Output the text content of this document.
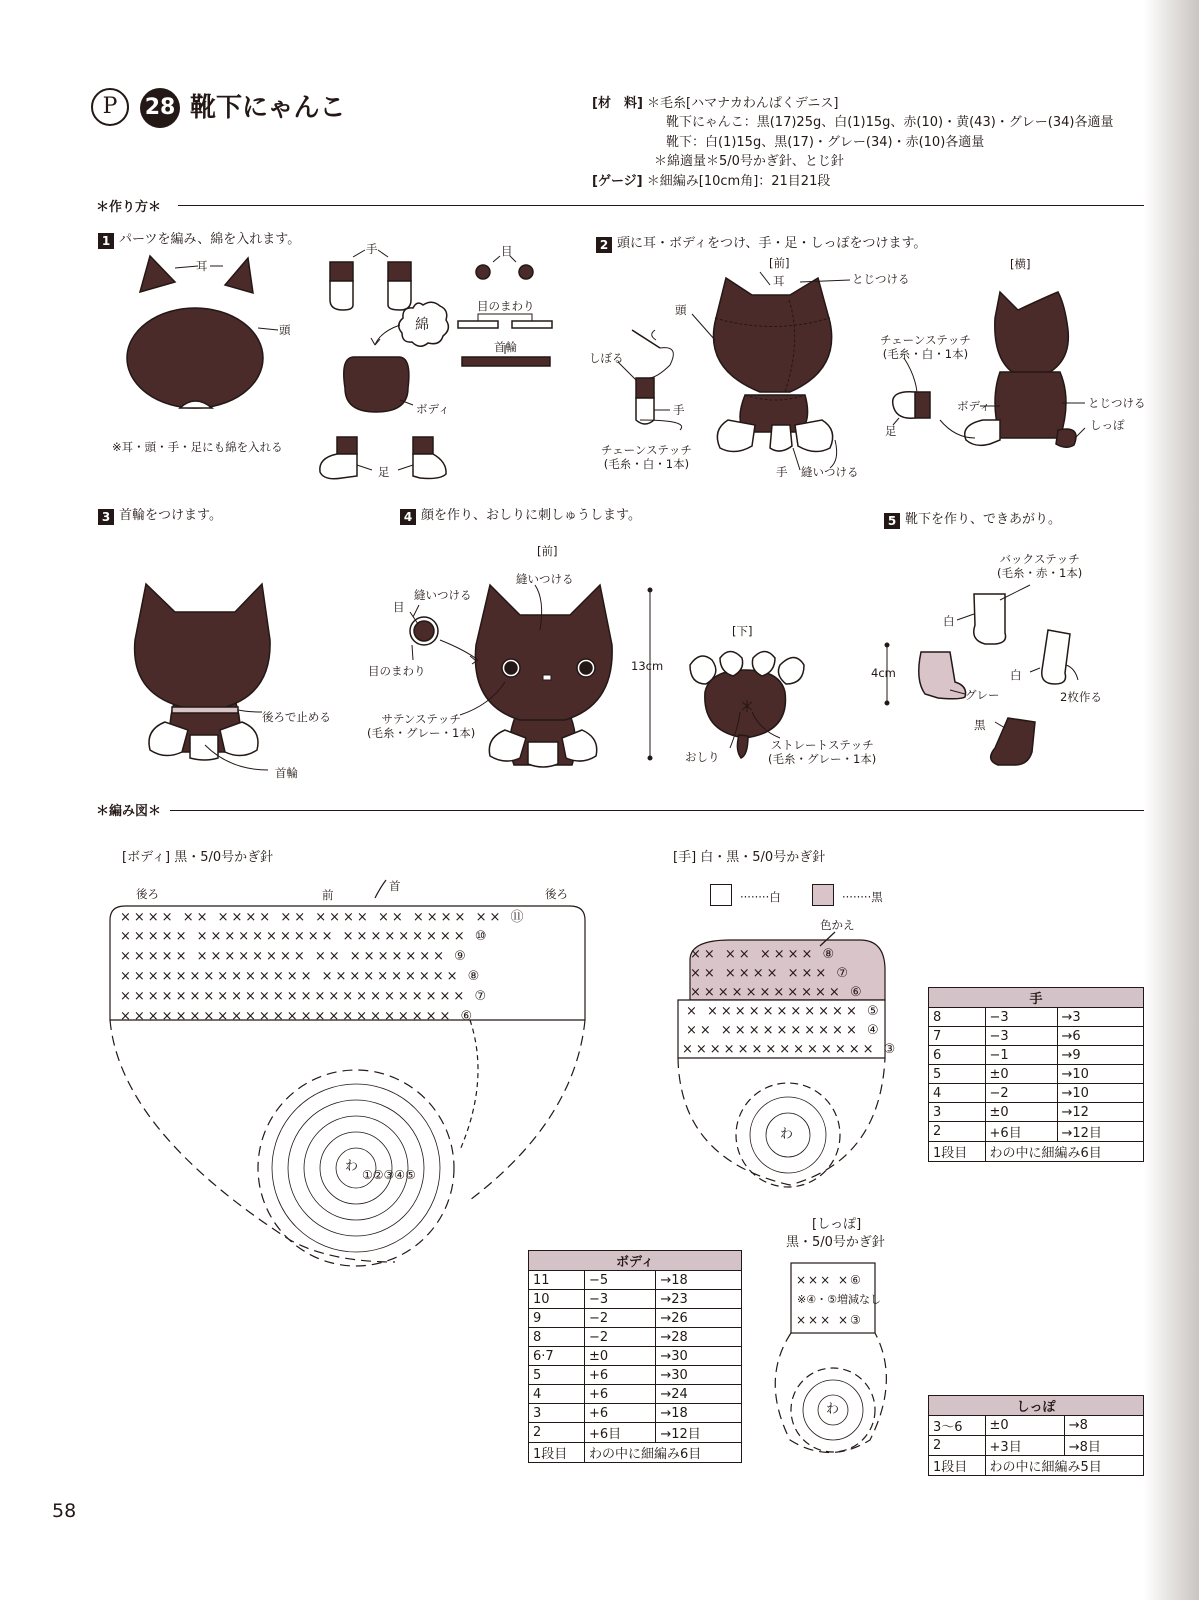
P	28 靴下にゃんこ	[材　料] ＊毛糸[ハマナカわんぱくデニス]
靴下にゃんこ：黒(17)25g、白(1)15g、赤(10)・黄(43)・グレー(34)各適量
靴下：白(1)15g、黒(17)・グレー(34)・赤(10)各適量
＊綿適量＊5/0号かぎ針、とじ針
[ゲージ] ＊細編み[10cm角]：21目21段
＊作り方＊
1 パーツを編み、綿を入れます。	2 頭に耳・ボディをつけ、手・足・しっぽをつけます。
3 首輪をつけます。	4 顔を作り、おしりに刺しゅうします。	5 靴下を作り、できあがり。
耳
頭
手	目
目のまわり
綿
首輪
ボディ
足
※耳・頭・手・足にも綿を入れる
[前]	[横]
耳	とじつける
頭
しぼる
手
チェーンステッチ
(毛糸・白・1本)
手 縫いつける
チェーンステッチ
(毛糸・白・1本)
ボディ	とじつける
足	しっぽ
後ろで止める
首輪
[前]
縫いつける
目
縫いつける
目のまわり
サテンステッチ
(毛糸・グレー・1本)
13cm
[下]
おしり
ストレートステッチ
(毛糸・グレー・1本)
バックステッチ
(毛糸・赤・1本)
白
4cm
グレー
白
2枚作る
黒
＊編み図＊
[ボディ] 黒・5/0号かぎ針
後ろ	前
首
後ろ
×××× ×× ×××× ×× ×××× ×× ×××× ×× ⑪
××××× ×××××××××× ××××××××× ⑩
××××× ×××××××× ×× ××××××× ⑨
×××××××××××××× ×××××××××× ⑧
××××××××××××××××××××××××× ⑦
×××××××××××××××××××××××× ⑥
わ
①②③④⑤
[手] 白・黒・5/0号かぎ針
········白	········黒
色かえ
×× ×× ×××× ⑧
×× ×××× ××× ⑦
××××××××××× ⑥
× ××××××××××× ⑤
×× ×××××××××× ④
×××××××××××××× ③
わ
手		
8	−3	→3
7	−3	→6
6	−1	→9
5	±0	→10
4	−2	→10
3	±0	→12
2	+6目	→12目
1段目	わの中に細編み6目	
ボディ		
11	−5	→18
10	−3	→23
9	−2	→26
8	−2	→28
6·7	±0	→30
5	+6	→30
4	+6	→24
3	+6	→18
2	+6目	→12目
1段目	わの中に細編み6目	
[しっぽ]
黒・5/0号かぎ針
××× ×⑥
※④・⑤増減なし
××× ×③
わ	しっぽ		
3〜6	±0	→8
2	+3目	→8目
1段目	わの中に細編み5目	
58
